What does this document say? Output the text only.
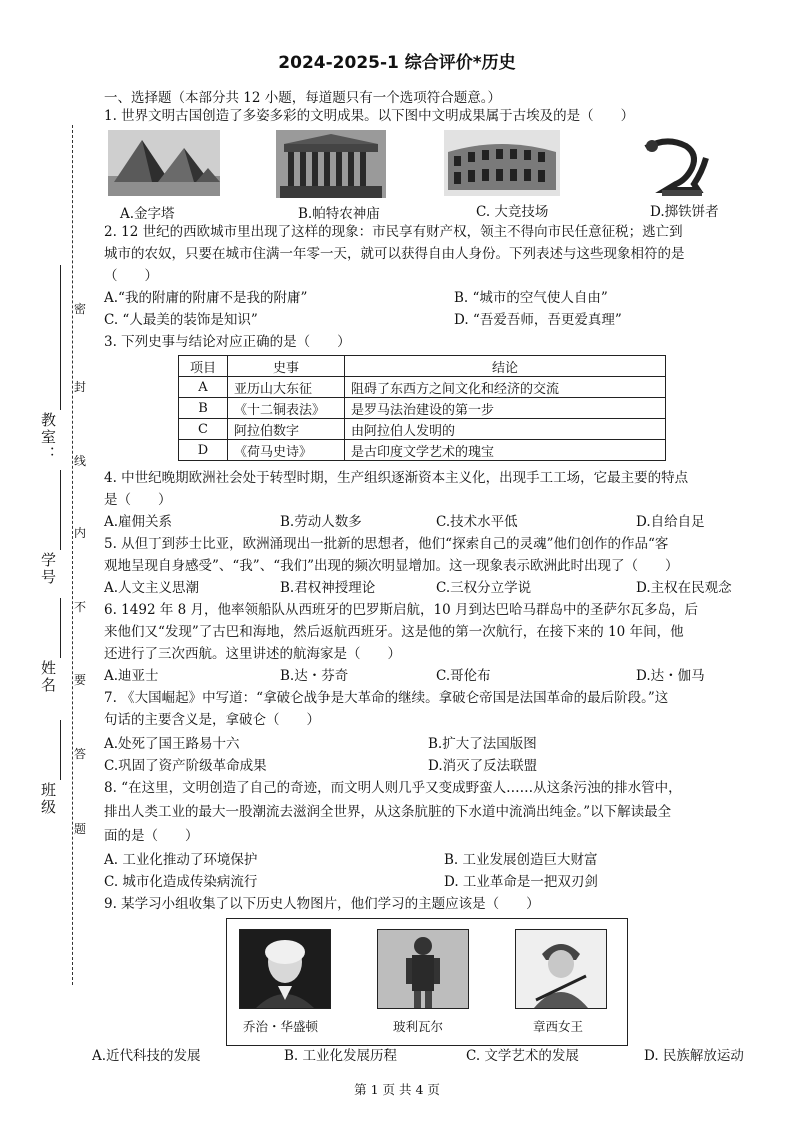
密
封
线
内
不
要
答
题
教室：
学号
姓名
班级
2024-2025-1 综合评价*历史
一、选择题（本部分共 12 小题，每道题只有一个选项符合题意。）
1. 世界文明古国创造了多姿多彩的文明成果。以下图中文明成果属于古埃及的是（　　）
A.金字塔	B.帕特农神庙	C. 大竞技场	D.掷铁饼者
2. 12 世纪的西欧城市里出现了这样的现象：市民享有财产权，领主不得向市民任意征税；逃亡到
城市的农奴，只要在城市住满一年零一天，就可以获得自由人身份。下列表述与这些现象相符的是
（　　）
A.“我的附庸的附庸不是我的附庸”	B. “城市的空气使人自由”
C. “人最美的装饰是知识”	D. “吾爱吾师，吾更爱真理”
3. 下列史事与结论对应正确的是（　　）
项目	史事	结论
A	亚历山大东征	阻碍了东西方之间文化和经济的交流
B	《十二铜表法》	是罗马法治建设的第一步
C	阿拉伯数字	由阿拉伯人发明的
D	《荷马史诗》	是古印度文学艺术的瑰宝
4. 中世纪晚期欧洲社会处于转型时期，生产组织逐渐资本主义化，出现手工工场，它最主要的特点
是（　　）
A.雇佣关系	B.劳动人数多	C.技术水平低	D.自给自足
5. 从但丁到莎士比亚，欧洲涌现出一批新的思想者，他们“探索自己的灵魂”他们创作的作品“客
观地呈现自身感受”、“我”、“我们”出现的频次明显增加。这一现象表示欧洲此时出现了（　　）
A.人文主义思潮	B.君权神授理论	C.三权分立学说	D.主权在民观念
6. 1492 年 8 月，他率领船队从西班牙的巴罗斯启航，10 月到达巴哈马群岛中的圣萨尔瓦多岛，后
来他们又“发现”了古巴和海地，然后返航西班牙。这是他的第一次航行，在接下来的 10 年间，他
还进行了三次西航。这里讲述的航海家是（　　）
A.迪亚士	B.达・芬奇	C.哥伦布	D.达・伽马
7. 《大国崛起》中写道：“拿破仑战争是大革命的继续。拿破仑帝国是法国革命的最后阶段。”这
句话的主要含义是，拿破仑（　　）
A.处死了国王路易十六	B.扩大了法国版图
C.巩固了资产阶级革命成果	D.消灭了反法联盟
8. “在这里，文明创造了自己的奇迹，而文明人则几乎又变成野蛮人……从这条污浊的排水管中，
排出人类工业的最大一股潮流去滋润全世界，从这条肮脏的下水道中流淌出纯金。”以下解读最全
面的是（　　）
A. 工业化推动了环境保护	B. 工业发展创造巨大财富
C. 城市化造成传染病流行	D. 工业革命是一把双刃剑
9. 某学习小组收集了以下历史人物图片，他们学习的主题应该是（　　）
乔治・华盛顿	玻利瓦尔	章西女王
A.近代科技的发展	B. 工业化发展历程	C. 文学艺术的发展	D. 民族解放运动
第 1 页 共 4 页
